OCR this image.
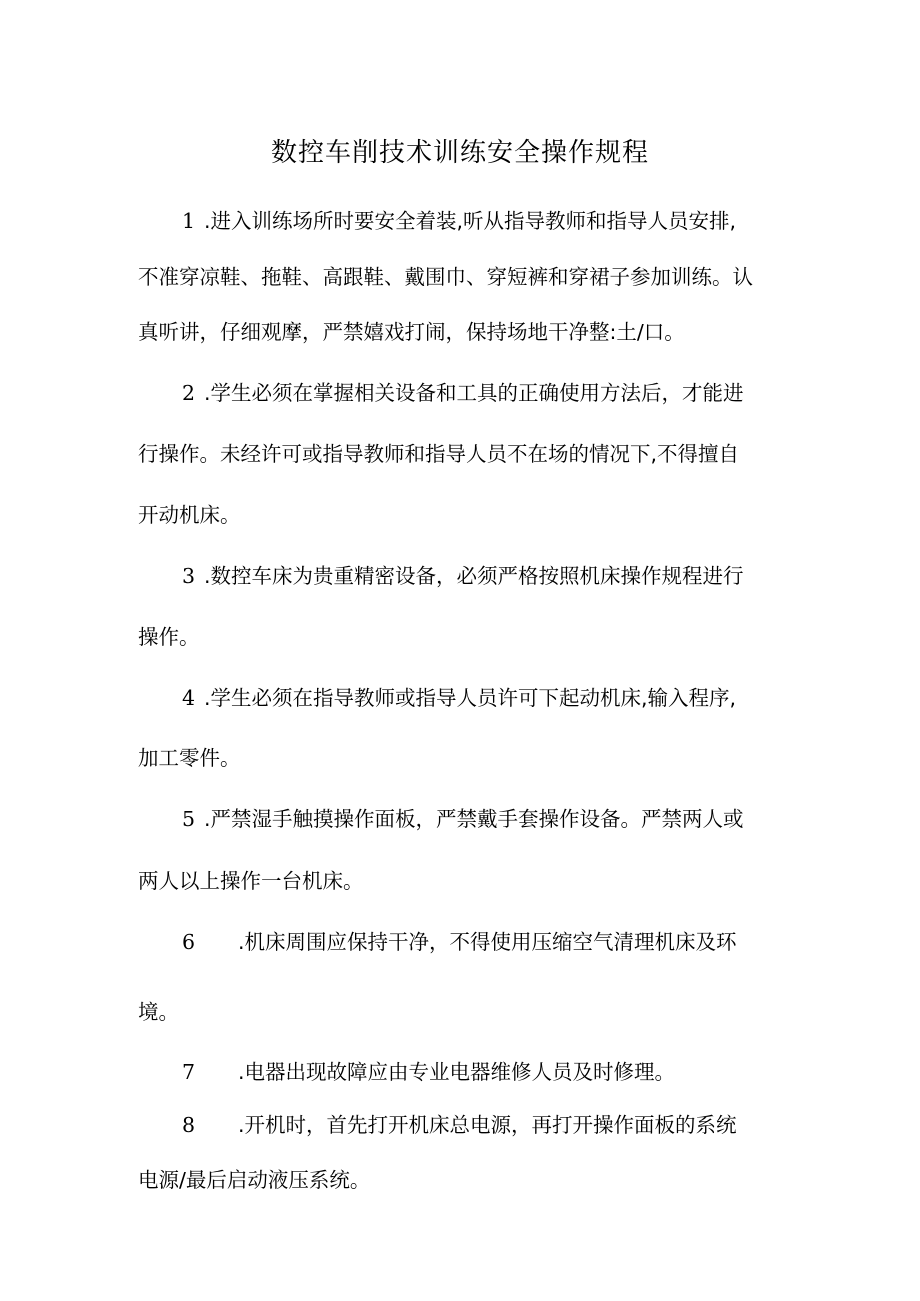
数控车削技术训练安全操作规程
1 .进入训练场所时要安全着装,听从指导教师和指导人员安排,
不准穿凉鞋、拖鞋、高跟鞋、戴围巾、穿短裤和穿裙子参加训练。认
真听讲，仔细观摩，严禁嬉戏打闹，保持场地干净整:土/口。
2 .学生必须在掌握相关设备和工具的正确使用方法后，才能进
行操作。未经许可或指导教师和指导人员不在场的情况下,不得擅自
开动机床。
3 .数控车床为贵重精密设备，必须严格按照机床操作规程进行
操作。
4 .学生必须在指导教师或指导人员许可下起动机床,输入程序,
加工零件。
5 .严禁湿手触摸操作面板，严禁戴手套操作设备。严禁两人或
两人以上操作一台机床。
6 .机床周围应保持干净，不得使用压缩空气清理机床及环
境。
7 .电器出现故障应由专业电器维修人员及时修理。
8 .开机时，首先打开机床总电源，再打开操作面板的系统
电源/最后启动液压系统。
